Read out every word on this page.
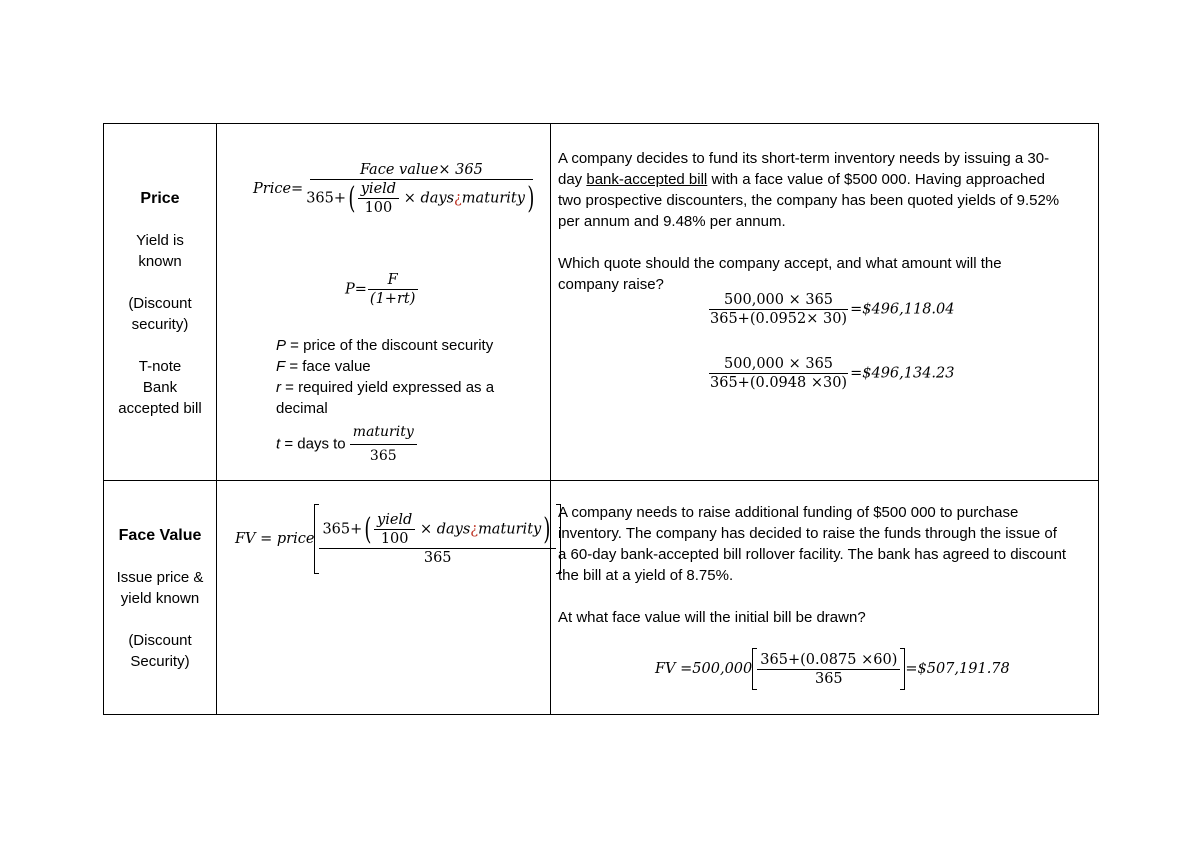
Price
Yield is
known
(Discount
security)
T-note
Bank
accepted bill
Price= $\frac{\text{Face value× 365}}{365+( \frac{\text{yield}}{100} \times days¿maturity)}$
$P= \frac{F}{(1+rt)}$
P = price of the discount security
F = face value
r = required yield expressed as a
decimal
t = days to $\frac{\text{maturity}}{365}$
A company decides to fund its short-term inventory needs by issuing a 30-
day bank-accepted bill with a face value of $500 000. Having approached
two prospective discounters, the company has been quoted yields of 9.52%
per annum and 9.48% per annum.
Which quote should the company accept, and what amount will the
company raise?
$\frac{500,000 \times 365}{365+(0.0952\times 30)}$ =$496,118.04
$\frac{500,000 \times 365}{365+(0.0948 \times 30)}$ =$496,134.23
Face Value
Issue price &
yield known
(Discount
Security)
FV = price $\frac{365+( \frac{\text{yield}}{100} \times days¿maturity)}{365}$ A company needs to raise additional funding of $500 000 to purchase
inventory. The company has decided to raise the funds through the issue of
a 60-day bank-accepted bill rollover facility. The bank has agreed to discount
the bill at a yield of 8.75%.
At what face value will the initial bill be drawn?
FV $=500,000 \frac{365+(0.0875 \times 60)}{365}$ =$507,191.78
